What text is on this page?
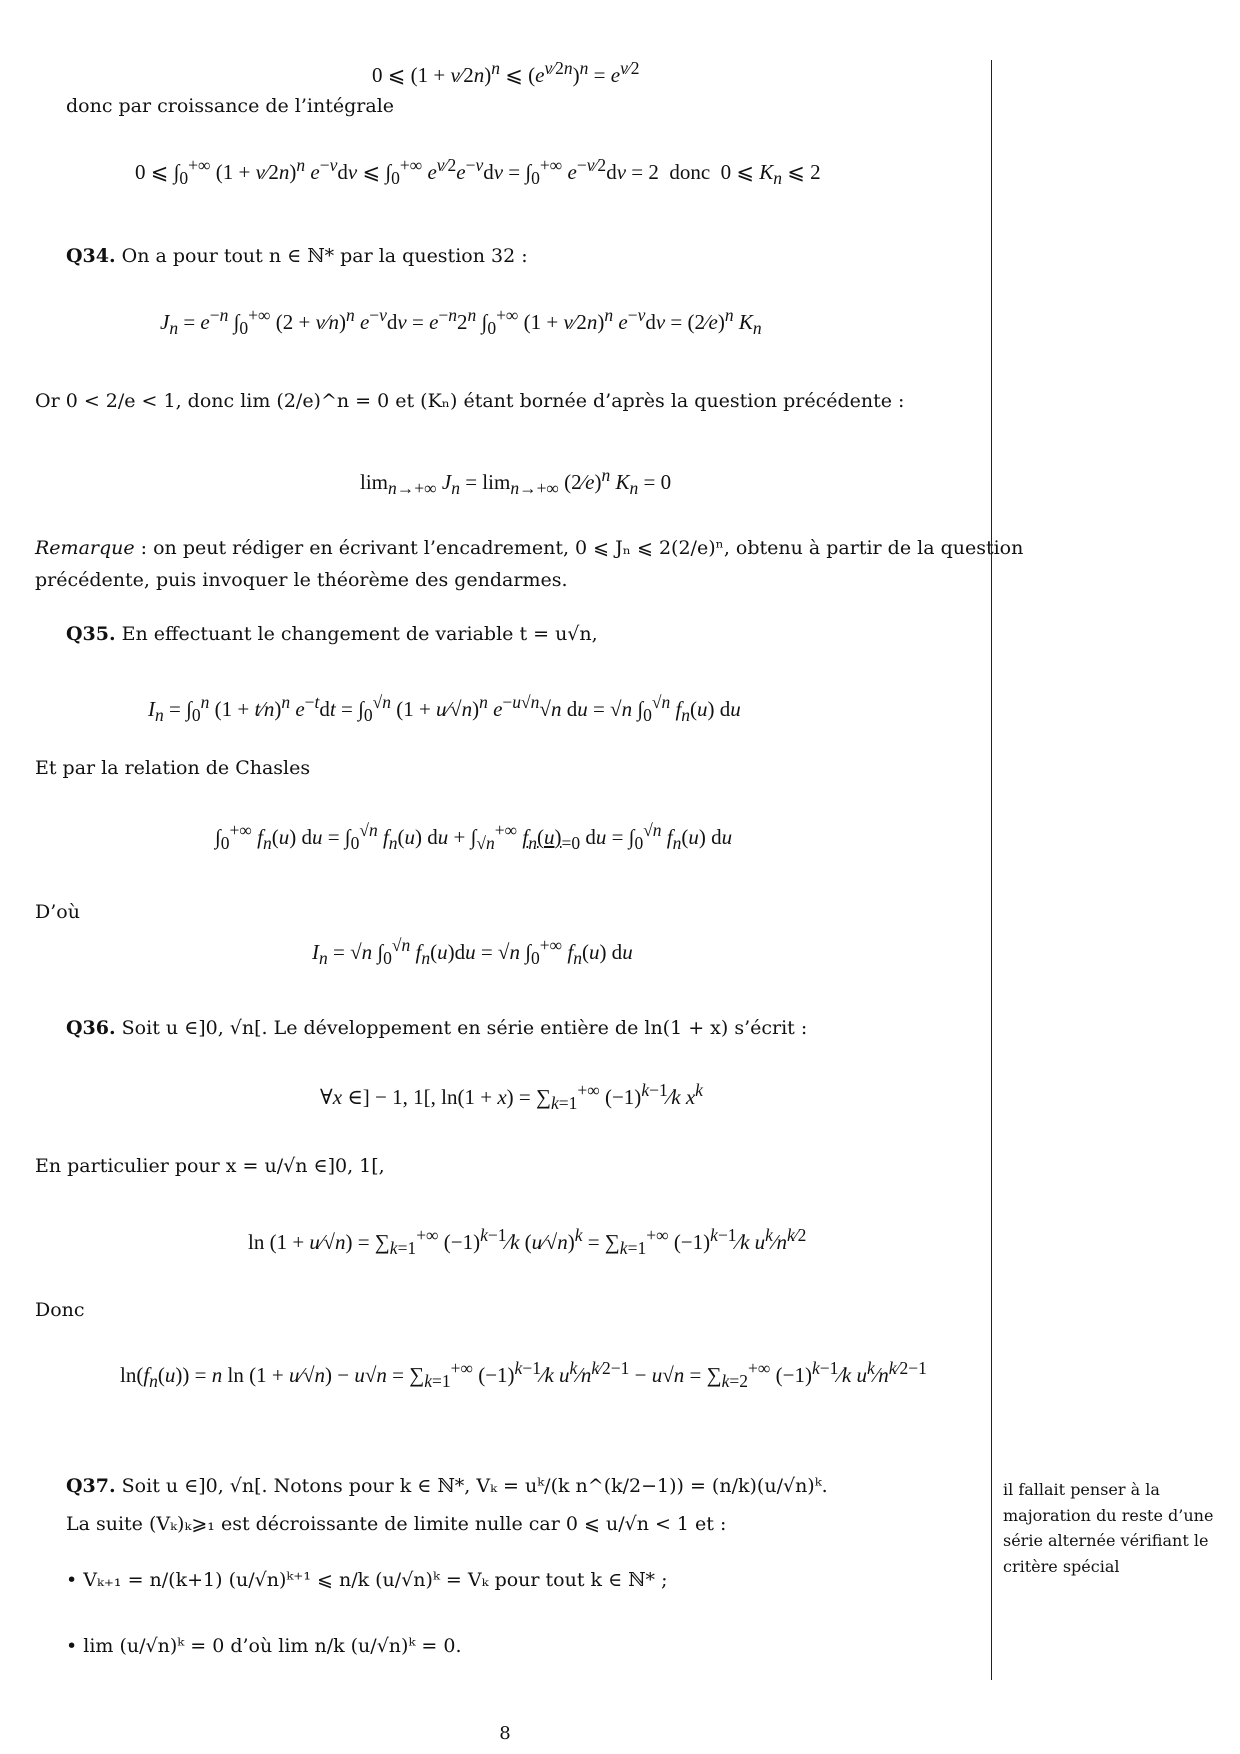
0 ⩽ (1 + v⁄2n)$^n$ ⩽ $(e^{v⁄2n})^n = e^{v⁄2}$
donc par croissance de l’intégrale
0 ⩽ $\int_0^{+\infty}$ (1 + v⁄2n)$^n$ $e^{-v}dv$ ⩽ $\int_0^{+\infty}$ $e^{v⁄2}e^{-v}dv = \int_0^{+\infty}$ $e^{-v⁄2}dv = 2$  donc  0 ⩽ $K_n$ ⩽ 2
Q34. On a pour tout n ∈ ℕ* par la question 32 :
$J_n = e^{-n}$ $\int_0^{+\infty}$ (2 + v⁄n)$^n$ $e^{-v}dv = e^{-n}2^n$ $\int_0^{+\infty}$ (1 + v⁄2n)$^n$ $e^{-v}dv$ = (2⁄e)$^n$ $K_n$
Or 0 < 2/e < 1, donc lim (2/e)^n = 0 et (Kₙ) étant bornée d’après la question précédente :
$\lim_{n\to+\infty} J_n = \lim_{n\to+\infty}$ (2⁄e)$^n$ $K_n = 0$
Remarque : on peut rédiger en écrivant l’encadrement, 0 ⩽ Jₙ ⩽ 2(2/e)ⁿ, obtenu à partir de la question
précédente, puis invoquer le théorème des gendarmes.
Q35. En effectuant le changement de variable t = u√n,
$I_n = \int_0^n$ (1 + t⁄n)$^n$ $e^{-t}dt = \int_0^{√n}$ (1 + u⁄√n)$^n$ $e^{-u√n}√n$ du = √n $\int_0^{√n}$ $f_n(u)$ du
Et par la relation de Chasles
$\int_0^{+\infty}$ $f_n(u)$ du = $\int_0^{√n}$ $f_n(u)$ du + $\int_{√n}^{+\infty}$ $f_n(u)_{=0}$ du = $\int_0^{√n}$ $f_n(u)$ du
D’où
$I_n = √n$ $\int_0^{√n}$ $f_n(u)du = √n$ $\int_0^{+\infty}$ $f_n(u)$ du
Q36. Soit u ∈]0, √n[. Le développement en série entière de ln(1 + x) s’écrit :
∀x ∈] − 1, 1[, $\ln(1 + x) = \sum_{k=1}^{+\infty}$ $(-1)^{k-1}⁄k$ $x^k$
En particulier pour x = u/√n ∈]0, 1[,
ln (1 + u⁄√n) = $\sum_{k=1}^{+\infty}$ $(-1)^{k-1}⁄k$ (u⁄√n)$^k$ = $\sum_{k=1}^{+\infty}$ $(-1)^{k-1}⁄k$ $u^k⁄n^{k⁄2}$
Donc
$\ln(f_n(u)) = n$ ln (1 + u⁄√n) − $u√n = \sum_{k=1}^{+\infty}$ $(-1)^{k-1}⁄k$ $u^k⁄n^{k⁄2-1} - u√n = \sum_{k=2}^{+\infty}$ $(-1)^{k-1}⁄k$ $u^k⁄n^{k⁄2-1}$
Q37. Soit u ∈]0, √n[. Notons pour k ∈ ℕ*, Vₖ = uᵏ/(k n^(k/2−1)) = (n/k)(u/√n)ᵏ.
La suite (Vₖ)ₖ⩾₁ est décroissante de limite nulle car 0 ⩽ u/√n < 1 et :
• Vₖ₊₁ = n/(k+1) (u/√n)ᵏ⁺¹ ⩽ n/k (u/√n)ᵏ = Vₖ pour tout k ∈ ℕ* ;
• lim (u/√n)ᵏ = 0 d’où lim n/k (u/√n)ᵏ = 0.
il fallait penser à la majoration du reste d’une série alternée vérifiant le critère spécial
8
